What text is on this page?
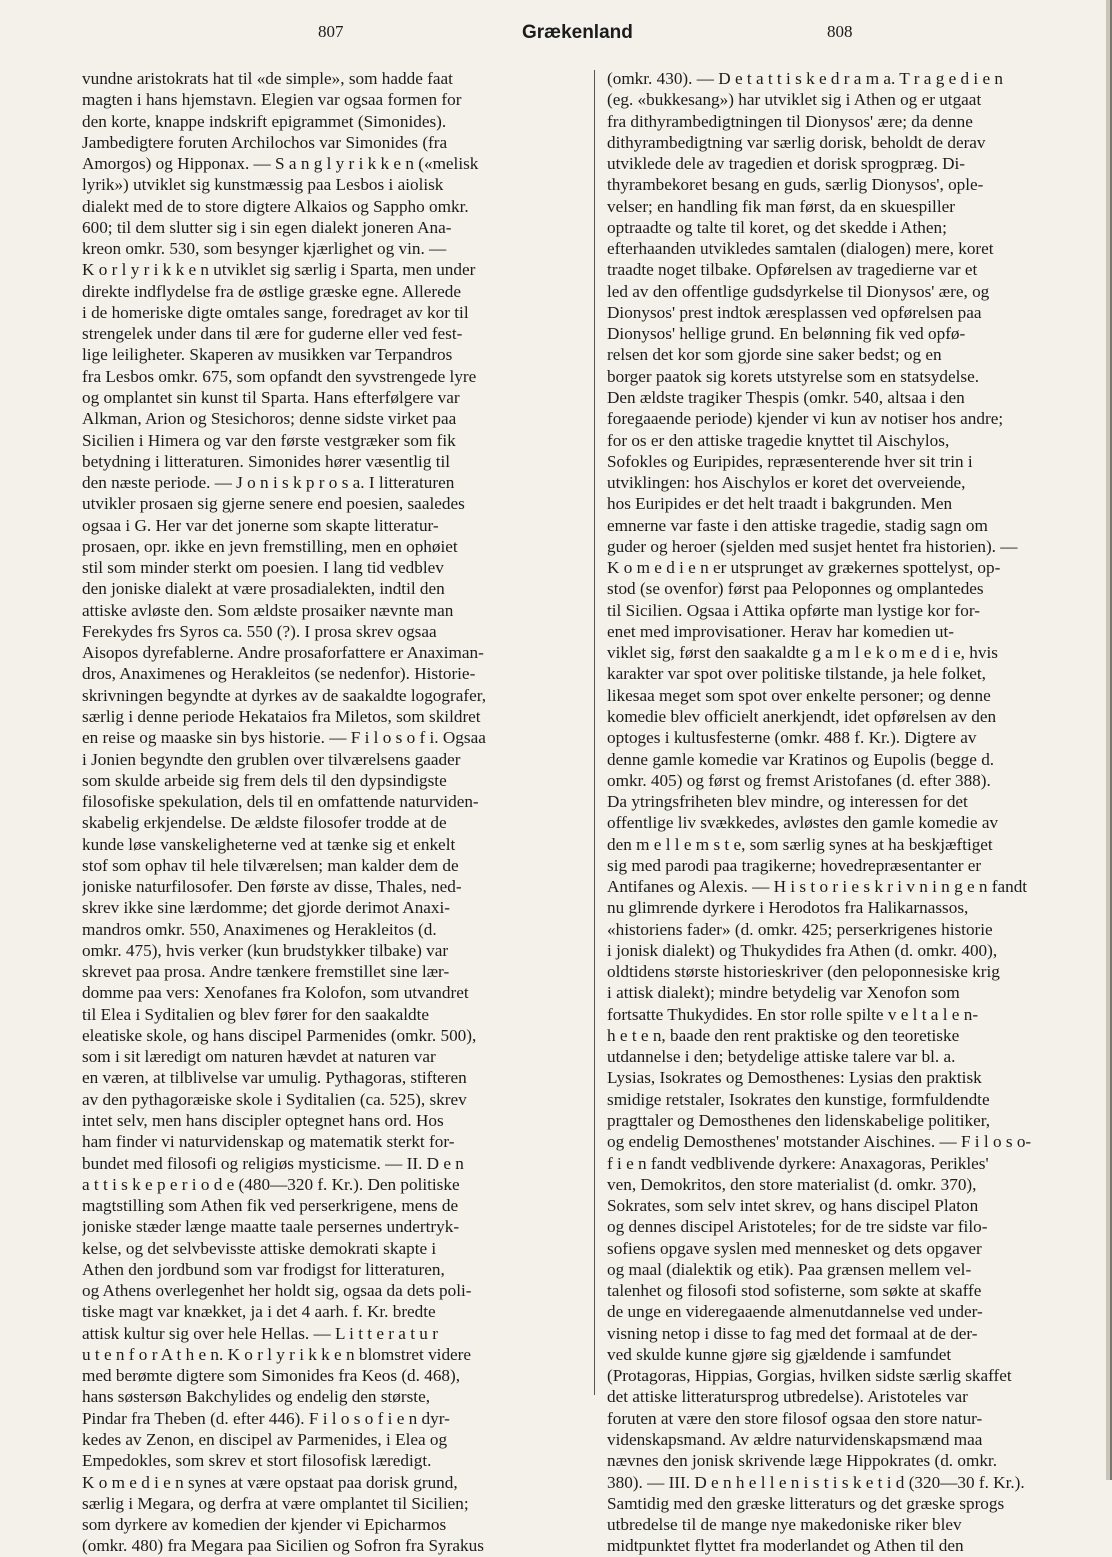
807	Grækenland	808
vundne aristokrats hat til «de simple», som hadde faat
magten i hans hjemstavn. Elegien var ogsaa formen for
den korte, knappe indskrift epigrammet (Simonides).
Jambedigtere foruten Archilochos var Simonides (fra
Amorgos) og Hipponax. — S a n g l y r i k k e n («melisk
lyrik») utviklet sig kunstmæssig paa Lesbos i aiolisk
dialekt med de to store digtere Alkaios og Sappho omkr.
600; til dem slutter sig i sin egen dialekt joneren Ana-
kreon omkr. 530, som besynger kjærlighet og vin. —
K o r l y r i k k e n utviklet sig særlig i Sparta, men under
direkte indflydelse fra de østlige græske egne. Allerede
i de homeriske digte omtales sange, foredraget av kor til
strengelek under dans til ære for guderne eller ved fest-
lige leiligheter. Skaperen av musikken var Terpandros
fra Lesbos omkr. 675, som opfandt den syvstrengede lyre
og omplantet sin kunst til Sparta. Hans efterfølgere var
Alkman, Arion og Stesichoros; denne sidste virket paa
Sicilien i Himera og var den første vestgræker som fik
betydning i litteraturen. Simonides hører væsentlig til
den næste periode. — J o n i s k p r o s a. I litteraturen
utvikler prosaen sig gjerne senere end poesien, saaledes
ogsaa i G. Her var det jonerne som skapte litteratur-
prosaen, opr. ikke en jevn fremstilling, men en ophøiet
stil som minder sterkt om poesien. I lang tid vedblev
den joniske dialekt at være prosadialekten, indtil den
attiske avløste den. Som ældste prosaiker nævnte man
Ferekydes frs Syros ca. 550 (?). I prosa skrev ogsaa
Aisopos dyrefablerne. Andre prosaforfattere er Anaximan-
dros, Anaximenes og Herakleitos (se nedenfor). Historie-
skrivningen begyndte at dyrkes av de saakaldte logografer,
særlig i denne periode Hekataios fra Miletos, som skildret
en reise og maaske sin bys historie. — F i l o s o f i. Ogsaa
i Jonien begyndte den grublen over tilværelsens gaader
som skulde arbeide sig frem dels til den dypsindigste
filosofiske spekulation, dels til en omfattende naturviden-
skabelig erkjendelse. De ældste filosofer trodde at de
kunde løse vanskeligheterne ved at tænke sig et enkelt
stof som ophav til hele tilværelsen; man kalder dem de
joniske naturfilosofer. Den første av disse, Thales, ned-
skrev ikke sine lærdomme; det gjorde derimot Anaxi-
mandros omkr. 550, Anaximenes og Herakleitos (d.
omkr. 475), hvis verker (kun brudstykker tilbake) var
skrevet paa prosa. Andre tænkere fremstillet sine lær-
domme paa vers: Xenofanes fra Kolofon, som utvandret
til Elea i Syditalien og blev fører for den saakaldte
eleatiske skole, og hans discipel Parmenides (omkr. 500),
som i sit læredigt om naturen hævdet at naturen var
en væren, at tilblivelse var umulig. Pythagoras, stifteren
av den pythagoræiske skole i Syditalien (ca. 525), skrev
intet selv, men hans discipler optegnet hans ord. Hos
ham finder vi naturvidenskap og matematik sterkt for-
bundet med filosofi og religiøs mysticisme. — II. D e n
a t t i s k e p e r i o d e (480—320 f. Kr.). Den politiske
magtstilling som Athen fik ved perserkrigene, mens de
joniske stæder længe maatte taale persernes undertryk-
kelse, og det selvbevisste attiske demokrati skapte i
Athen den jordbund som var frodigst for litteraturen,
og Athens overlegenhet her holdt sig, ogsaa da dets poli-
tiske magt var knækket, ja i det 4 aarh. f. Kr. bredte
attisk kultur sig over hele Hellas. — L i t t e r a t u r
u t e n f o r A t h e n. K o r l y r i k k e n blomstret videre
med berømte digtere som Simonides fra Keos (d. 468),
hans søstersøn Bakchylides og endelig den største,
Pindar fra Theben (d. efter 446). F i l o s o f i e n dyr-
kedes av Zenon, en discipel av Parmenides, i Elea og
Empedokles, som skrev et stort filosofisk læredigt.
K o m e d i e n synes at være opstaat paa dorisk grund,
særlig i Megara, og derfra at være omplantet til Sicilien;
som dyrkere av komedien der kjender vi Epicharmos
(omkr. 480) fra Megara paa Sicilien og Sofron fra Syrakus
(omkr. 430). — D e t a t t i s k e d r a m a. T r a g e d i e n
(eg. «bukkesang») har utviklet sig i Athen og er utgaat
fra dithyrambedigtningen til Dionysos' ære; da denne
dithyrambedigtning var særlig dorisk, beholdt de derav
utviklede dele av tragedien et dorisk sprogpræg. Di-
thyrambekoret besang en guds, særlig Dionysos', ople-
velser; en handling fik man først, da en skuespiller
optraadte og talte til koret, og det skedde i Athen;
efterhaanden utvikledes samtalen (dialogen) mere, koret
traadte noget tilbake. Opførelsen av tragedierne var et
led av den offentlige gudsdyrkelse til Dionysos' ære, og
Dionysos' prest indtok æresplassen ved opførelsen paa
Dionysos' hellige grund. En belønning fik ved opfø-
relsen det kor som gjorde sine saker bedst; og en
borger paatok sig korets utstyrelse som en statsydelse.
Den ældste tragiker Thespis (omkr. 540, altsaa i den
foregaaende periode) kjender vi kun av notiser hos andre;
for os er den attiske tragedie knyttet til Aischylos,
Sofokles og Euripides, repræsenterende hver sit trin i
utviklingen: hos Aischylos er koret det overveiende,
hos Euripides er det helt traadt i bakgrunden. Men
emnerne var faste i den attiske tragedie, stadig sagn om
guder og heroer (sjelden med susjet hentet fra historien). —
K o m e d i e n er utsprunget av grækernes spottelyst, op-
stod (se ovenfor) først paa Peloponnes og omplantedes
til Sicilien. Ogsaa i Attika opførte man lystige kor for-
enet med improvisationer. Herav har komedien ut-
viklet sig, først den saakaldte g a m l e k o m e d i e, hvis
karakter var spot over politiske tilstande, ja hele folket,
likesaa meget som spot over enkelte personer; og denne
komedie blev officielt anerkjendt, idet opførelsen av den
optoges i kultusfesterne (omkr. 488 f. Kr.). Digtere av
denne gamle komedie var Kratinos og Eupolis (begge d.
omkr. 405) og først og fremst Aristofanes (d. efter 388).
Da ytringsfriheten blev mindre, og interessen for det
offentlige liv svækkedes, avløstes den gamle komedie av
den m e l l e m s t e, som særlig synes at ha beskjæftiget
sig med parodi paa tragikerne; hovedrepræsentanter er
Antifanes og Alexis. — H i s t o r i e s k r i v n i n g e n fandt
nu glimrende dyrkere i Herodotos fra Halikarnassos,
«historiens fader» (d. omkr. 425; perserkrigenes historie
i jonisk dialekt) og Thukydides fra Athen (d. omkr. 400),
oldtidens største historieskriver (den peloponnesiske krig
i attisk dialekt); mindre betydelig var Xenofon som
fortsatte Thukydides. En stor rolle spilte v e l t a l e n-
h e t e n, baade den rent praktiske og den teoretiske
utdannelse i den; betydelige attiske talere var bl. a.
Lysias, Isokrates og Demosthenes: Lysias den praktisk
smidige retstaler, Isokrates den kunstige, formfuldendte
pragttaler og Demosthenes den lidenskabelige politiker,
og endelig Demosthenes' motstander Aischines. — F i l o s o-
f i e n fandt vedblivende dyrkere: Anaxagoras, Perikles'
ven, Demokritos, den store materialist (d. omkr. 370),
Sokrates, som selv intet skrev, og hans discipel Platon
og dennes discipel Aristoteles; for de tre sidste var filo-
sofiens opgave syslen med mennesket og dets opgaver
og maal (dialektik og etik). Paa grænsen mellem vel-
talenhet og filosofi stod sofisterne, som søkte at skaffe
de unge en videregaaende almenutdannelse ved under-
visning netop i disse to fag med det formaal at de der-
ved skulde kunne gjøre sig gjældende i samfundet
(Protagoras, Hippias, Gorgias, hvilken sidste særlig skaffet
det attiske litteratursprog utbredelse). Aristoteles var
foruten at være den store filosof ogsaa den store natur-
videnskapsmand. Av ældre naturvidenskapsmænd maa
nævnes den jonisk skrivende læge Hippokrates (d. omkr.
380). — III. D e n h e l l e n i s t i s k e t i d (320—30 f. Kr.).
Samtidig med den græske litteraturs og det græske sprogs
utbredelse til de mange nye makedoniske riker blev
midtpunktet flyttet fra moderlandet og Athen til den
